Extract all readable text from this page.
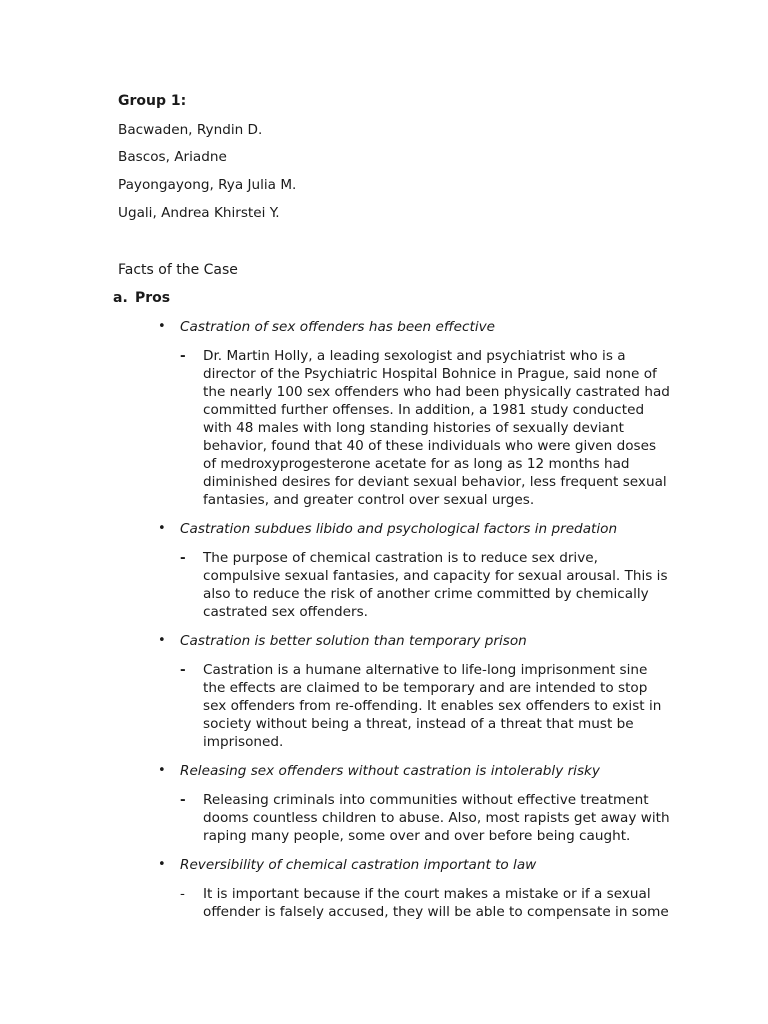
Group 1:
Bacwaden, Ryndin D.
Bascos, Ariadne
Payongayong, Rya Julia M.
Ugali, Andrea Khirstei Y.
Facts of the Case
a. Pros
• Castration of sex offenders has been effective
- Dr. Martin Holly, a leading sexologist and psychiatrist who is a
director of the Psychiatric Hospital Bohnice in Prague, said none of
the nearly 100 sex offenders who had been physically castrated had
committed further offenses. In addition, a 1981 study conducted
with 48 males with long standing histories of sexually deviant
behavior, found that 40 of these individuals who were given doses
of medroxyprogesterone acetate for as long as 12 months had
diminished desires for deviant sexual behavior, less frequent sexual
fantasies, and greater control over sexual urges.
• Castration subdues libido and psychological factors in predation
- The purpose of chemical castration is to reduce sex drive,
compulsive sexual fantasies, and capacity for sexual arousal. This is
also to reduce the risk of another crime committed by chemically
castrated sex offenders.
• Castration is better solution than temporary prison
- Castration is a humane alternative to life-long imprisonment sine
the effects are claimed to be temporary and are intended to stop
sex offenders from re-offending. It enables sex offenders to exist in
society without being a threat, instead of a threat that must be
imprisoned.
• Releasing sex offenders without castration is intolerably risky
- Releasing criminals into communities without effective treatment
dooms countless children to abuse. Also, most rapists get away with
raping many people, some over and over before being caught.
• Reversibility of chemical castration important to law
- It is important because if the court makes a mistake or if a sexual
offender is falsely accused, they will be able to compensate in some
